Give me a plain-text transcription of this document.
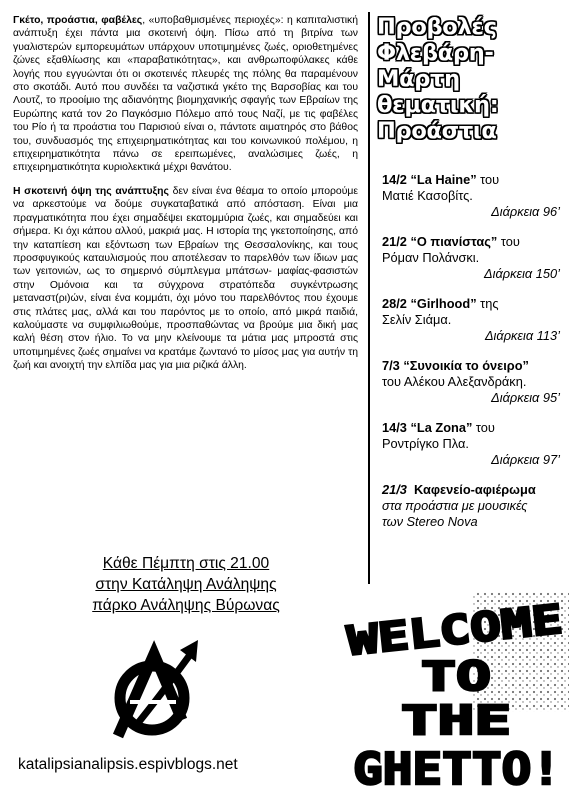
Γκέτο, προάστια, φαβέλες, «υποβαθμισμένες περιοχές»: η καπιταλιστική ανάπτυξη έχει πάντα μια σκοτεινή όψη. Πίσω από τη βιτρίνα των γυαλιστερών εμπορευμάτων υπάρχουν υποτιμημένες ζωές, οριοθετημένες ζώνες εξαθλίωσης και «παραβατικότητας», και ανθρωποφύλακες κάθε λογής που εγγυώνται ότι οι σκοτεινές πλευρές της πόλης θα παραμένουν στο σκοτάδι. Αυτό που συνδέει τα ναζιστικά γκέτο της Βαρσοβίας και του Λουτζ, το προοίμιο της αδιανόητης βιομηχανικής σφαγής των Εβραίων της Ευρώπης κατά τον 2ο Παγκόσμιο Πόλεμο από τους Ναζί, με τις φαβέλες του Ρίο ή τα προάστια του Παρισιού είναι ο, πάντοτε αιματηρός στο βάθος του, συνδυασμός της επιχειρηματικότητας και του κοινωνικού πολέμου, η επιχειρηματικότητα πάνω σε ερειπωμένες, αναλώσιμες ζωές, η επιχειρηματικότητα κυριολεκτικά μέχρι θανάτου.

Η σκοτεινή όψη της ανάπτυξης δεν είναι ένα θέαμα το οποίο μπορούμε να αρκεστούμε να δούμε συγκαταβατικά από απόσταση. Είναι μια πραγματικότητα που έχει σημαδέψει εκατομμύρια ζωές, και σημαδεύει και σήμερα. Κι όχι κάπου αλλού, μακριά μας. Η ιστορία της γκετοποίησης, από την καταπίεση και εξόντωση των Εβραίων της Θεσσαλονίκης, και τους προσφυγικούς καταυλισμούς που αποτέλεσαν το παρελθόν των ίδιων μας των γειτονιών, ως το σημερινό σύμπλεγμα μπάτσων- μαφίας-φασιστών στην Ομόνοια και τα σύγχρονα στρατόπεδα συγκέντρωσης μεταναστ(ρι)ών, είναι ένα κομμάτι, όχι μόνο του παρελθόντος που έχουμε στις πλάτες μας, αλλά και του παρόντος με το οποίο, από μικρά παιδιά, καλούμαστε να συμφιλιωθούμε, προσπαθώντας να βρούμε μια δική μας καλή θέση στον ήλιο. Το να μην κλείνουμε τα μάτια μας μπροστά στις υποτιμημένες ζωές σημαίνει να κρατάμε ζωντανό το μίσος μας για αυτήν τη ζωή και ανοιχτή την ελπίδα μας για μια ριζικά άλλη.

Κάθε Πέμπτη στις 21.00
στην Κατάληψη Ανάληψης
πάρκο Ανάληψης Βύρωνας
katalipsianalipsis.espivblogs.net
Προβολές
Φλεβάρη-
Μάρτη
θεματική:
Προάστια
14/2 “La Haine” του
Ματιέ Κασοβίτς.
Διάρκεια 96’
21/2 “Ο πιανίστας” του
Ρόμαν Πολάνσκι.
Διάρκεια 150’
28/2 “Girlhood” της
Σελίν Σιάμα.
Διάρκεια 113’
7/3 “Συνοικία το όνειρο”
του Αλέκου Αλεξανδράκη.
Διάρκεια 95’
14/3 “La Zona” του
Ροντρίγκο Πλα.
Διάρκεια 97’
21/3 Καφενείο-αφιέρωμα
στα προάστια με μουσικές
των Stereo Nova
WELCOME
TO
THE
GHETTO!
